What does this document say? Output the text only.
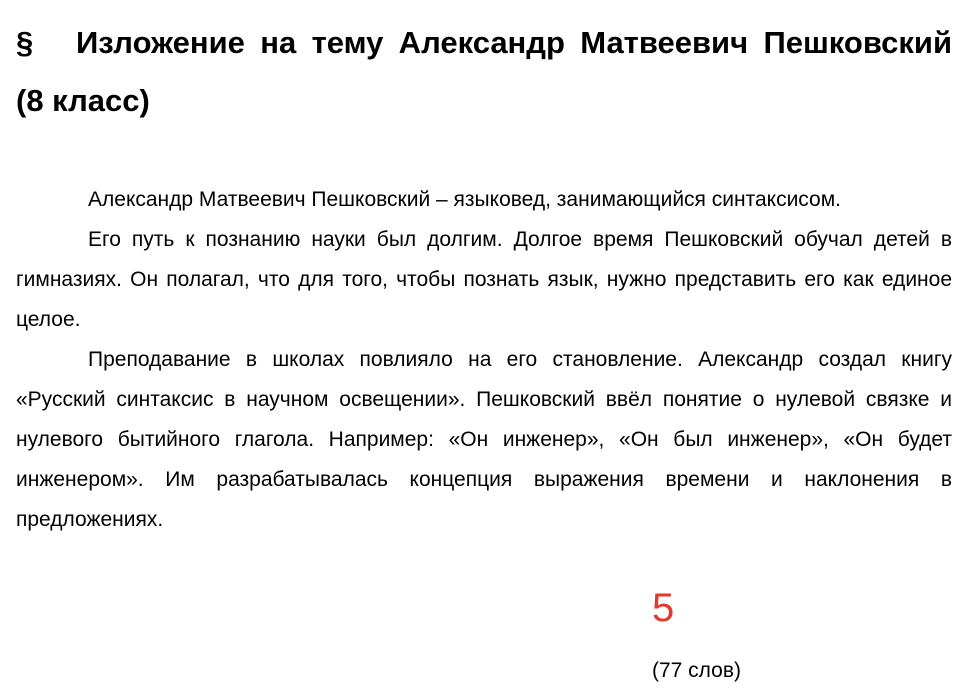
§ Изложение на тему Александр Матвеевич Пешковский (8 класс)

Александр Матвеевич Пешковский – языковед, занимающийся синтаксисом.

Его путь к познанию науки был долгим. Долгое время Пешковский обучал детей в гимназиях. Он полагал, что для того, чтобы познать язык, нужно представить его как единое целое.

Преподавание в школах повлияло на его становление. Александр создал книгу «Русский синтаксис в научном освещении». Пешковский ввёл понятие о нулевой связке и нулевого бытийного глагола. Например: «Он инженер», «Он был инженер», «Он будет инженером». Им разрабатывалась концепция выражения времени и наклонения в предложениях.

5
(77 слов)
